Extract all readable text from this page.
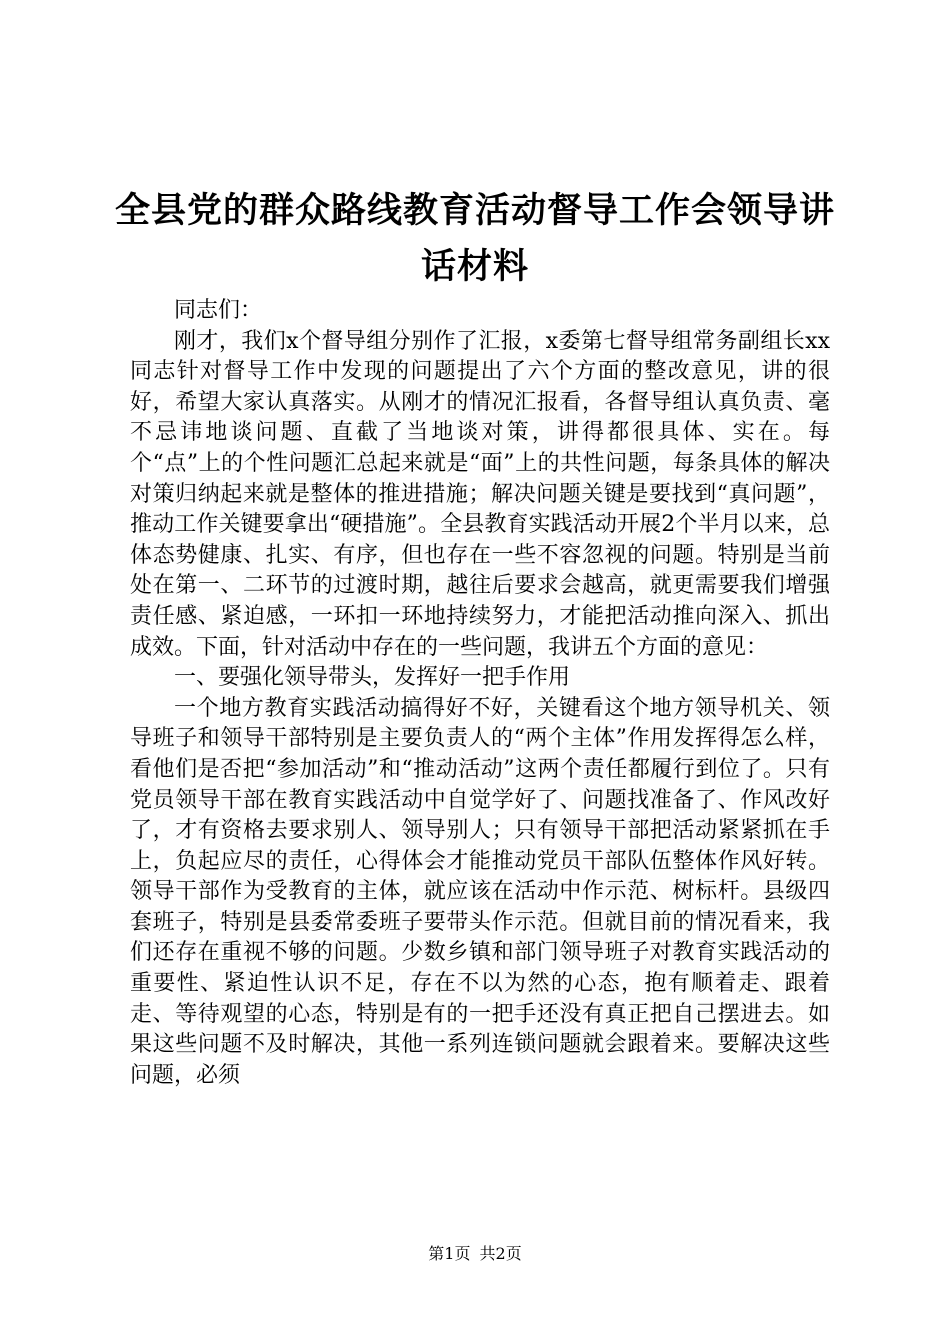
全县党的群众路线教育活动督导工作会领导讲话材料

同志们：

刚才，我们x个督导组分别作了汇报，x委第七督导组常务副组长xx同志针对督导工作中发现的问题提出了六个方面的整改意见，讲的很好，希望大家认真落实。从刚才的情况汇报看，各督导组认真负责、毫不忌讳地谈问题、直截了当地谈对策，讲得都很具体、实在。每个“点”上的个性问题汇总起来就是“面”上的共性问题，每条具体的解决对策归纳起来就是整体的推进措施；解决问题关键是要找到“真问题”，推动工作关键要拿出“硬措施”。全县教育实践活动开展2个半月以来，总体态势健康、扎实、有序，但也存在一些不容忽视的问题。特别是当前处在第一、二环节的过渡时期，越往后要求会越高，就更需要我们增强责任感、紧迫感，一环扣一环地持续努力，才能把活动推向深入、抓出成效。下面，针对活动中存在的一些问题，我讲五个方面的意见：

一、要强化领导带头，发挥好一把手作用

一个地方教育实践活动搞得好不好，关键看这个地方领导机关、领导班子和领导干部特别是主要负责人的“两个主体”作用发挥得怎么样，看他们是否把“参加活动”和“推动活动”这两个责任都履行到位了。只有党员领导干部在教育实践活动中自觉学好了、问题找准备了、作风改好了，才有资格去要求别人、领导别人；只有领导干部把活动紧紧抓在手上，负起应尽的责任，心得体会才能推动党员干部队伍整体作风好转。领导干部作为受教育的主体，就应该在活动中作示范、树标杆。县级四套班子，特别是县委常委班子要带头作示范。但就目前的情况看来，我们还存在重视不够的问题。少数乡镇和部门领导班子对教育实践活动的重要性、紧迫性认识不足，存在不以为然的心态，抱有顺着走、跟着走、等待观望的心态，特别是有的一把手还没有真正把自己摆进去。如果这些问题不及时解决，其他一系列连锁问题就会跟着来。要解决这些问题，必须

第1页 共2页
